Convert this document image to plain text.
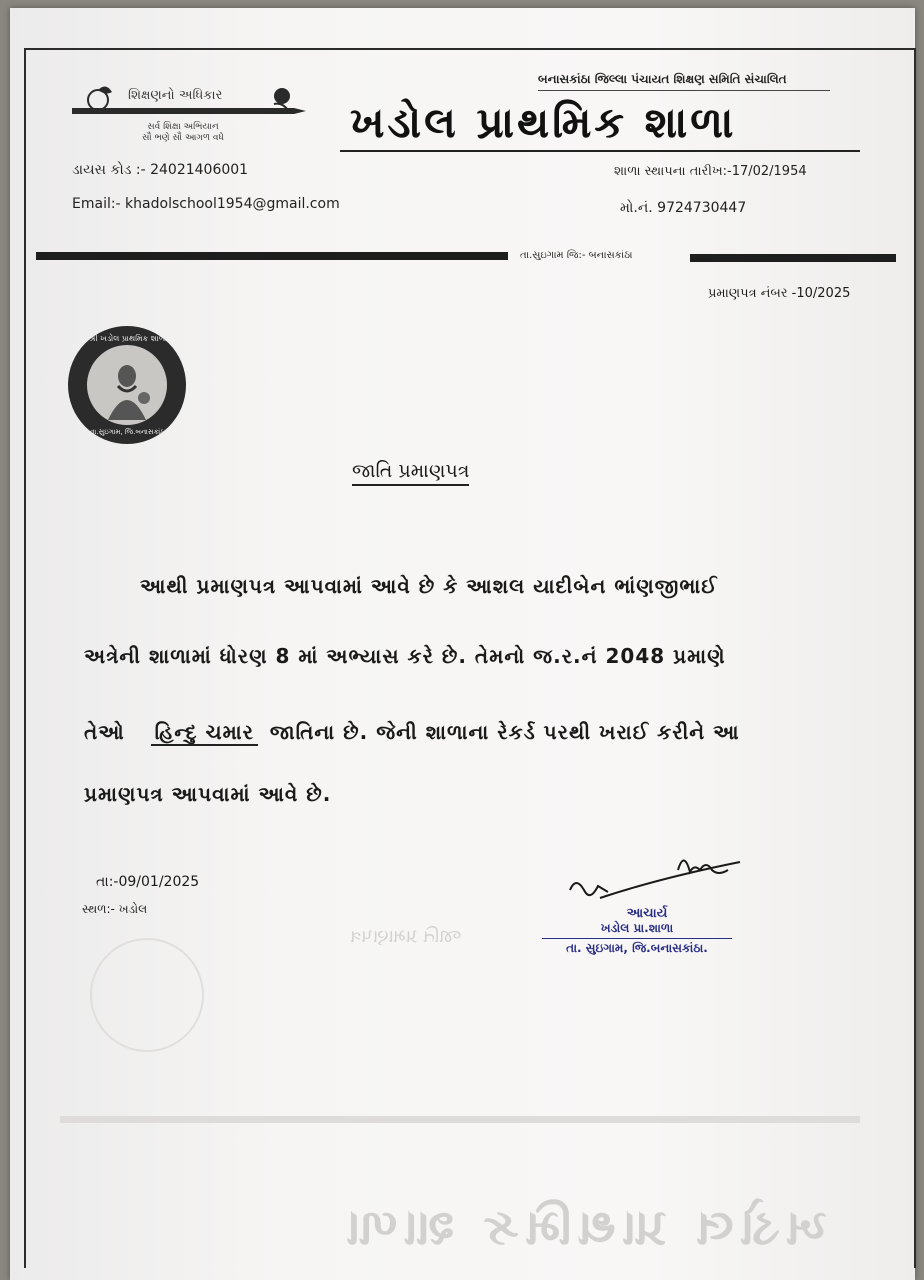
ખડોલ પ્રાથમિક શાળા
જાતિ પ્રમાણપત્ર
શિક્ષણનો અધિકાર
સર્વ શિક્ષા અભિયાન
સૌ ભણે સૌ આગળ વધે
બનાસકાંઠા જિલ્લા પંચાયત શિક્ષણ સમિતિ સંચાલિત
ખડોલ પ્રાથમિક શાળા
ડાયસ કોડ :- 24021406001
Email:- khadolschool1954@gmail.com
શાળા સ્થાપના તારીખ:-17/02/1954
મો.નં. 9724730447
તા.સુઇગામ જિ:- બનાસકાંઠા
પ્રમાણપત્ર નંબર -10/2025
શ્રી ખડોલ પ્રાથમિક શાળા
તા.સુઇગામ, જિ.બનાસકાંઠા
જાતિ પ્રમાણપત્ર
આથી પ્રમાણપત્ર આપવામાં આવે છે કે આશલ યાદીબેન ભાંણજીભાઈ
અત્રેની શાળામાં ધોરણ 8 માં અભ્યાસ કરે છે. તેમનો જ.ર.નં 2048 પ્રમાણે
તેઓ હિન્દુ ચમાર જાતિના છે. જેની શાળાના રેકર્ડ પરથી ખરાઈ કરીને આ
પ્રમાણપત્ર આપવામાં આવે છે.
તા:-09/01/2025
સ્થળ:- ખડોલ	આચાર્ય
ખડોલ પ્રા.શાળા
તા. સુઇગામ, જિ.બનાસકાંઠા.
